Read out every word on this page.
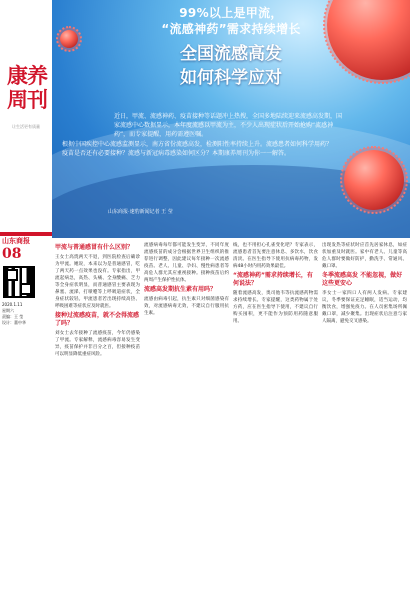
康养
周刊
让生活更有质量
山东商报
08
2020.1.11
星期六
责编：王 莹
设计：董中华
99%以上是甲流，
“流感神药”需求持续增长
全国流感高发
如何科学应对
近日，甲流、流感神药、疫苗接种等话题冲上热搜，全国多地陆续迎来流感高发期，国家流感中心数据显示，本年度流感以甲流为主，不少人出现症状后开始抢购“流感神药”，而专家提醒，用药需遵医嘱。
根据中国疾控中心流感监测显示，南方省份流感高发，检测阳性率持续上升。流感患者如何科学用药？疫苗是否还有必要接种？流感与新冠病毒感染如何区分？本期康养周刊为你一一解答。
山东商报·速豹新闻记者 王 莹
甲流与普通感冒有什么区别？

王女士高烧两天不退，到医院检查后确诊为甲流。她说，本来以为是普通感冒，吃了两天药一点效果也没有。专家指出，甲流起病急，高热、头痛、全身酸痛、乏力等全身症状明显，而普通感冒主要表现为鼻塞、流涕、打喷嚏等上呼吸道症状，全身症状较轻。甲流患者若出现持续高热、呼吸困难等症状应及时就医。

接种过流感疫苗，就不会得流感了吗？

刘女士去年接种了流感疫苗，今年仍感染了甲流。专家解释，流感病毒容易发生变异，疫苗保护并非百分之百，但接种疫苗可以明显降低重症风险。

流感病毒每年都可能发生变异，不同年度流感疫苗的成分会根据世界卫生组织的推荐进行调整，因此建议每年接种一次流感疫苗。老人、儿童、孕妇、慢性病患者等高危人群尤其应重视接种。接种疫苗后约两周产生保护性抗体。

流感高发期抗生素有用吗？

流感由病毒引起，抗生素只对细菌感染有效，对流感病毒无效，不建议自行服用抗生素。

线，也不用担心孔雀变化吧？专家表示，流感患者首先要注意休息、多饮水，饮食清淡。在医生指导下使用抗病毒药物，发病48小时内用药效果最佳。

“流感神药”需求持续增长，有何说法？

随着流感高发，奥司他韦等抗流感药物需求持续增长。专家提醒，这类药物属于处方药，应在医生指导下使用，不建议自行购买囤积，更不能作为预防用药随意服用。

出现发热等症状时应首先居家休息，如症状加重及时就医。家中有老人、儿童等高危人群时要做好防护，勤洗手、常通风、戴口罩。

冬季流感高发 不能忽视，做好这些更安心

李女士一家四口人有两人发病。专家建议，冬季要保证充足睡眠，适当运动，均衡饮食，增强免疫力。在人员密集场所佩戴口罩，减少聚集。出现症状后注意与家人隔离，避免交叉感染。
